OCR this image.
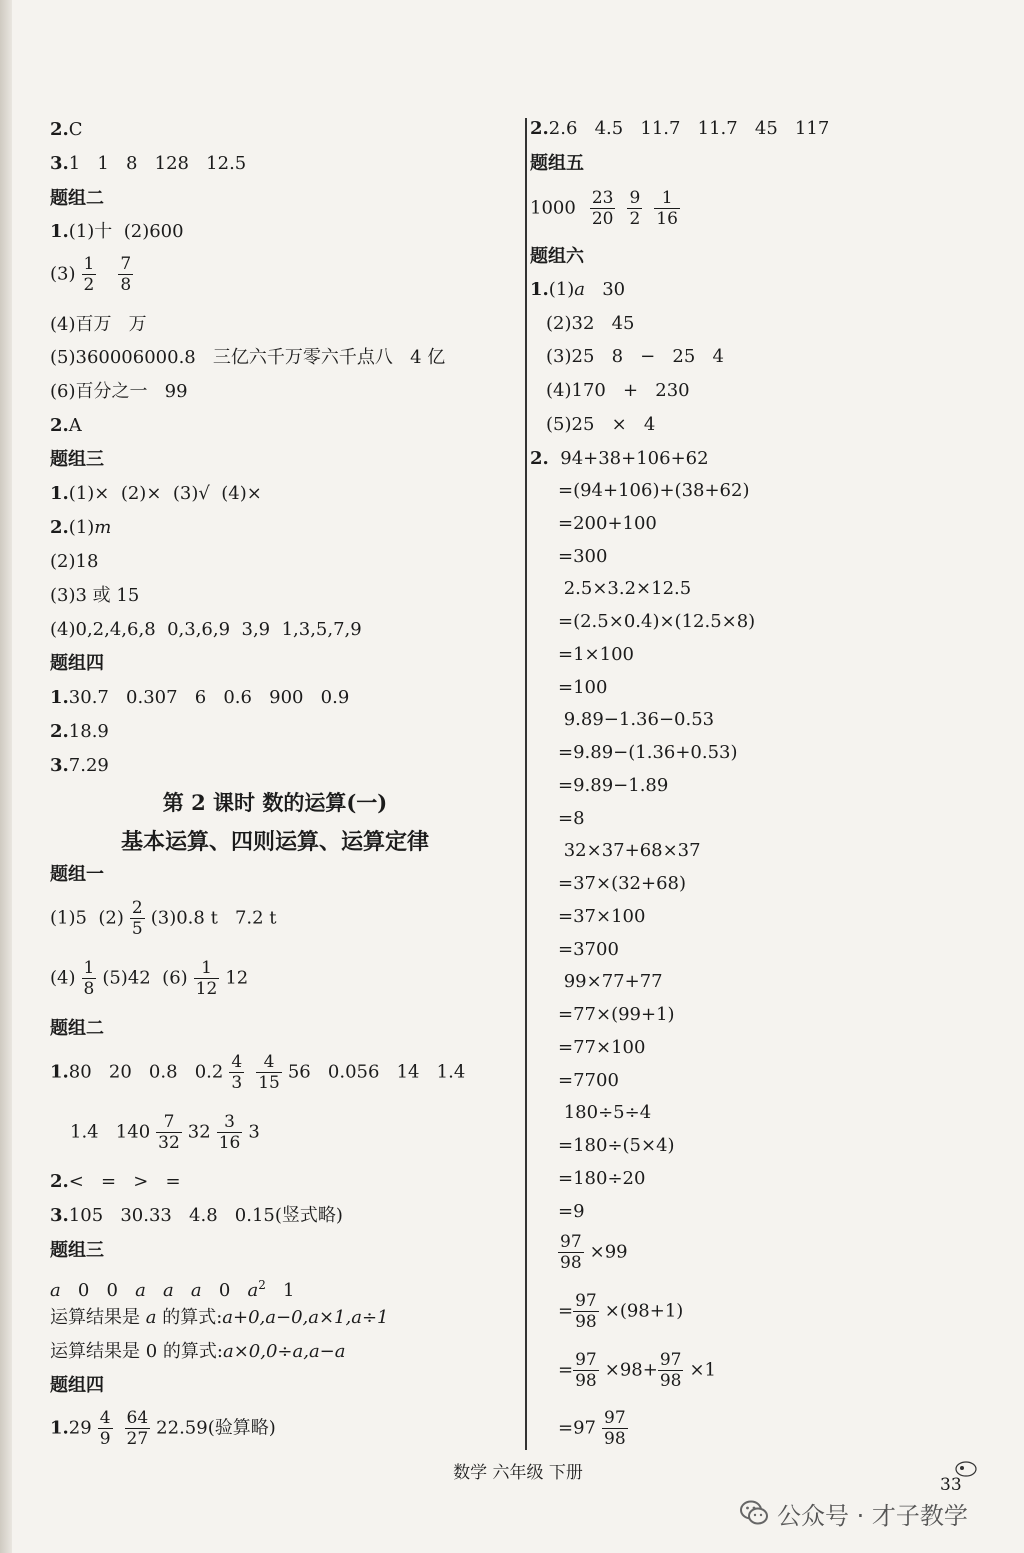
2.C
3.1   1   8   128   12.5
题组二
1.(1)十  (2)600
$(3) \frac{1}{2} \frac{7}{8}$
(4)百万   万
(5)360006000.8   三亿六千万零六千点八   4 亿
(6)百分之一   99
2.A
题组三
1.(1)×  (2)×  (3)√  (4)×
2.(1)m
(2)18
(3)3 或 15
(4)0,2,4,6,8  0,3,6,9  3,9  1,3,5,7,9
题组四
1.30.7   0.307   6   0.6   900   0.9
2.18.9
3.7.29
第 2 课时 数的运算(一)
基本运算、四则运算、运算定律
题组一
(1)5  $(2) \frac{2}{5} (3)0.8$ t   7.2 t
$(4) \frac{1}{8} (5)42$  $(6) \frac{1}{12} 12$
题组二
1.80   20   0.8   $0.2 \frac{4}{3} \frac{4}{15} 56$   0.056   14   1.4
1.4   $140 \frac{7}{32} 32 \frac{3}{16} 3$
2.<   =   >   =
3.105   30.33   4.8   0.15(竖式略)
题组三
a   0   0   a   a   a   0   $a^2$   1
运算结果是 a 的算式:a+0,a−0,a×1,a÷1
运算结果是 0 的算式:a×0,0÷a,a−a
题组四
$1.29 \frac{4}{9} \frac{64}{27} 22.59$(验算略)
2.2.6   4.5   11.7   11.7   45   117
题组五
$1000 \frac{23}{20} \frac{9}{2} \frac{1}{16}$
题组六
1.(1)a   30
(2)32   45
(3)25   8   −   25   4
(4)170   +   230
(5)25   ×   4
2.  94+38+106+62
=(94+106)+(38+62)
=200+100
=300
2.5×3.2×12.5
=(2.5×0.4)×(12.5×8)
=1×100
=100
9.89−1.36−0.53
=9.89−(1.36+0.53)
=9.89−1.89
=8
32×37+68×37
=37×(32+68)
=37×100
=3700
99×77+77
=77×(99+1)
=77×100
=7700
180÷5÷4
=180÷(5×4)
=180÷20
=9
$\frac{97}{98} \times 99$
= $\frac{97}{98} \times(98+1)$
= $\frac{97}{98} \times 98+ \frac{97}{98} \times 1$
$=97 \frac{97}{98}$
数学 六年级 下册
33
公众号 · 才子教学
